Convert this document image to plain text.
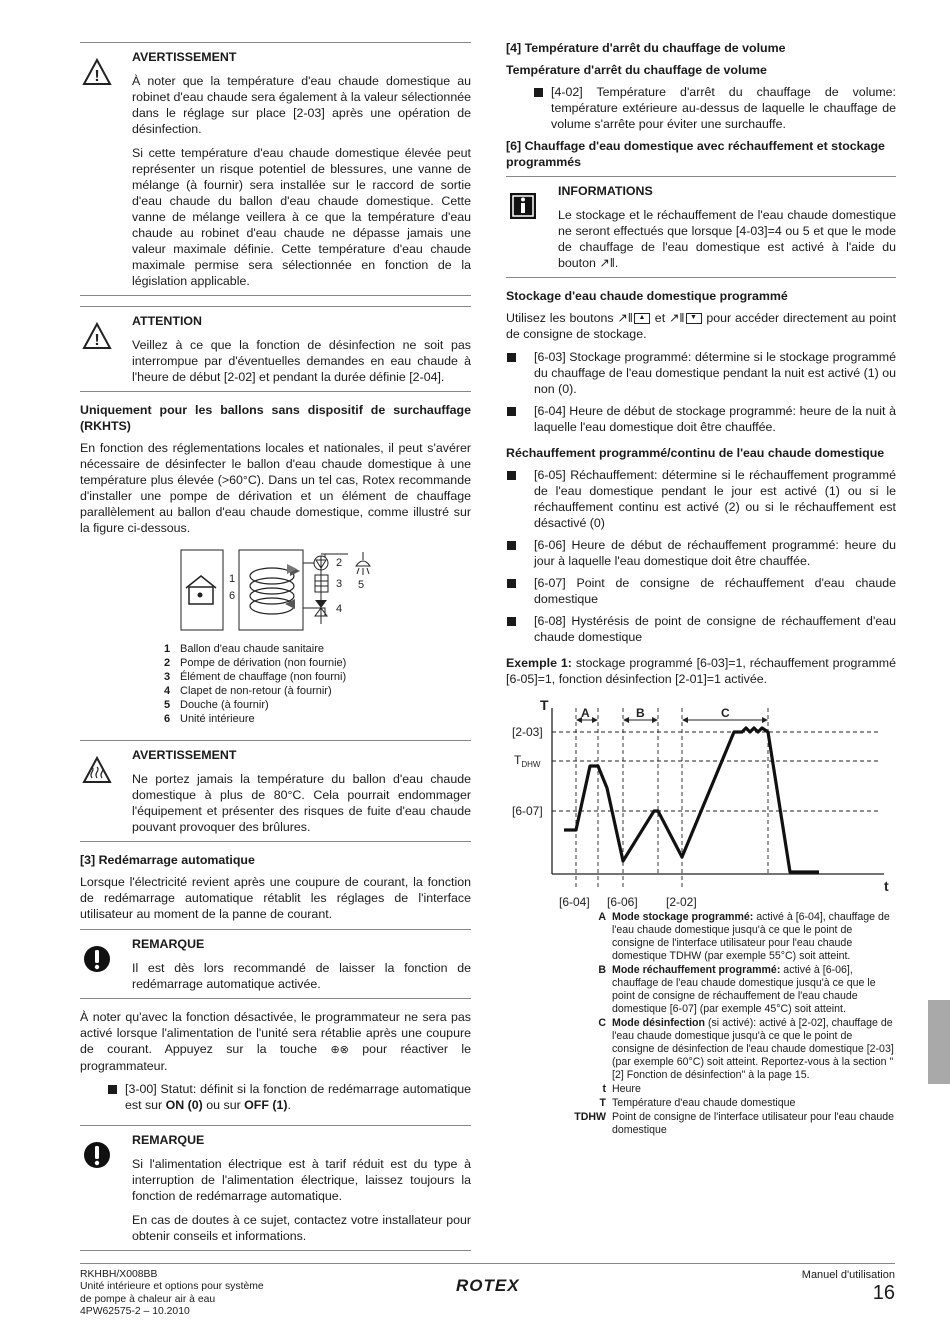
!
AVERTISSEMENT

À noter que la température d'eau chaude domestique au robinet d'eau chaude sera également à la valeur sélectionnée dans le réglage sur place [2-03] après une opération de désinfection.

Si cette température d'eau chaude domestique élevée peut représenter un risque potentiel de blessures, une vanne de mélange (à fournir) sera installée sur le raccord de sortie d'eau chaude du ballon d'eau chaude domestique. Cette vanne de mélange veillera à ce que la température d'eau chaude au robinet d'eau chaude ne dépasse jamais une valeur maximale définie. Cette température d'eau chaude maximale permise sera sélectionnée en fonction de la législation applicable.

!
ATTENTION

Veillez à ce que la fonction de désinfection ne soit pas interrompue par d'éventuelles demandes en eau chaude à l'heure de début [2-02] et pendant la durée définie [2-04].

Uniquement pour les ballons sans dispositif de surchauffage (RKHTS)

En fonction des réglementations locales et nationales, il peut s'avérer nécessaire de désinfecter le ballon d'eau chaude domestique à une température plus élevée (>60°C). Dans un tel cas, Rotex recommande d'installer une pompe de dérivation et un élément de chauffage parallèlement au ballon d'eau chaude domestique, comme illustré sur la figure ci-dessous.

1
6
2
3
4
5
1 Ballon d'eau chaude sanitaire
2 Pompe de dérivation (non fournie)
3 Élément de chauffage (non fourni)
4 Clapet de non-retour (à fournir)
5 Douche (à fournir)
6 Unité intérieure
AVERTISSEMENT

Ne portez jamais la température du ballon d'eau chaude domestique à plus de 80°C. Cela pourrait endommager l'équipement et présenter des risques de fuite d'eau chaude pouvant provoquer des brûlures.

[3] Redémarrage automatique

Lorsque l'électricité revient après une coupure de courant, la fonction de redémarrage automatique rétablit les réglages de l'interface utilisateur au moment de la panne de courant.

REMARQUE

Il est dès lors recommandé de laisser la fonction de redémarrage automatique activée.

À noter qu'avec la fonction désactivée, le programmateur ne sera pas activé lorsque l'alimentation de l'unité sera rétablie après une coupure de courant. Appuyez sur la touche ⊕⊗ pour réactiver le programmateur.

[3-00] Statut: définit si la fonction de redémarrage automatique est sur ON (0) ou sur OFF (1).
REMARQUE

Si l'alimentation électrique est à tarif réduit est du type à interruption de l'alimentation électrique, laissez toujours la fonction de redémarrage automatique.

En cas de doutes à ce sujet, contactez votre installateur pour obtenir conseils et informations.

[4] Température d'arrêt du chauffage de volume
Température d'arrêt du chauffage de volume
[4-02] Température d'arrêt du chauffage de volume: température extérieure au-dessus de laquelle le chauffage de volume s'arrête pour éviter une surchauffe.
[6] Chauffage d'eau domestique avec réchauffement et stockage programmés
INFORMATIONS

Le stockage et le réchauffement de l'eau chaude domestique ne seront effectués que lorsque [4-03]=4 ou 5 et que le mode de chauffage de l'eau domestique est activé à l'aide du bouton ↗‖.

Stockage d'eau chaude domestique programmé

Utilisez les boutons ↗‖ ▲ et ↗‖ ▼ pour accéder directement au point de consigne de stockage.

[6-03] Stockage programmé: détermine si le stockage programmé du chauffage de l'eau domestique pendant la nuit est activé (1) ou non (0).
[6-04] Heure de début de stockage programmé: heure de la nuit à laquelle l'eau domestique doit être chauffée.
Réchauffement programmé/continu de l'eau chaude domestique
[6-05] Réchauffement: détermine si le réchauffement programmé de l'eau domestique pendant le jour est activé (1) ou si le réchauffement continu est activé (2) ou si le réchauffement est désactivé (0)
[6-06] Heure de début de réchauffement programmé: heure du jour à laquelle l'eau domestique doit être chauffée.
[6-07] Point de consigne de réchauffement d'eau chaude domestique
[6-08] Hystérésis de point de consigne de réchauffement d'eau chaude domestique

Exemple 1: stockage programmé [6-03]=1, réchauffement programmé [6-05]=1, fonction désinfection [2-01]=1 activée.

T
t
[2-03]
$T_{DHW}$
[6-07]
[6-04] [6-06] [2-02]
A	B	C
A Mode stockage programmé: activé à [6-04], chauffage de l'eau chaude domestique jusqu'à ce que le point de consigne de l'interface utilisateur pour l'eau chaude domestique TDHW (par exemple 55°C) soit atteint.
B Mode réchauffement programmé: activé à [6-06], chauffage de l'eau chaude domestique jusqu'à ce que le point de consigne de réchauffement de l'eau chaude domestique [6-07] (par exemple 45°C) soit atteint.
C Mode désinfection (si activé): activé à [2-02], chauffage de l'eau chaude domestique jusqu'à ce que le point de consigne de désinfection de l'eau chaude domestique [2-03] (par exemple 60°C) soit atteint. Reportez-vous à la section "[2] Fonction de désinfection" à la page 15.
t Heure
T Température d'eau chaude domestique
TDHW Point de consigne de l'interface utilisateur pour l'eau chaude domestique
RKHBH/X008BB
Unité intérieure et options pour système
de pompe à chaleur air à eau
4PW62575-2 – 10.2010
ROTEX
Manuel d'utilisation
16
